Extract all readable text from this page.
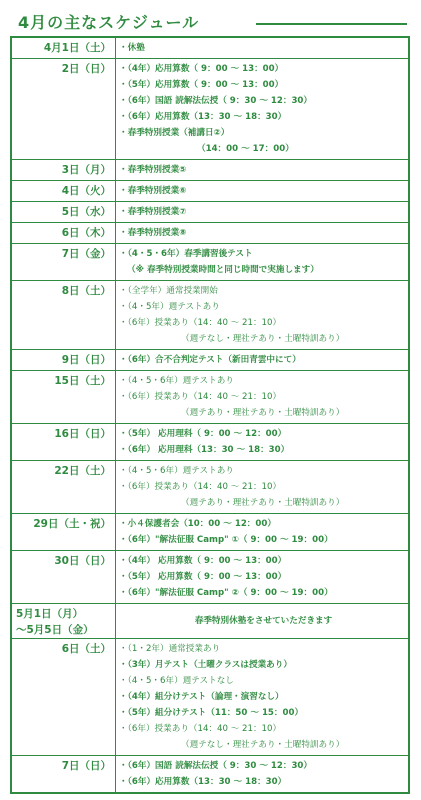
4月の主なスケジュール
4月1日（土） ・休塾
2日（日） ・（4年）応用算数（ 9：00 ～ 13：00）
・（5年）応用算数（ 9：00 ～ 13：00）
・（6年）国語 読解法伝授（ 9：30 ～ 12：30）
・（6年）応用算数（13：30 ～ 18：30）
・春季特別授業（補講日②）
（14：00 ～ 17：00）
3日（月） ・春季特別授業⑤
4日（火） ・春季特別授業⑥
5日（水） ・春季特別授業⑦
6日（木） ・春季特別授業⑧
7日（金） ・（4・5・6年）春季講習後テスト
（※ 春季特別授業時間と同じ時間で実施します）
8日（土） ・（全学年）通常授業開始
・（4・5年）週テストあり
・（6年）授業あり（14：40 ～ 21：10）
（週テなし・理社テあり・土曜特訓あり）
9日（日） ・（6年）合不合判定テスト（新田青雲中にて）
15日（土） ・（4・5・6年）週テストあり
・（6年）授業あり（14：40 ～ 21：10）
（週テあり・理社テあり・土曜特訓あり）
16日（日） ・（5年） 応用理科（ 9：00 ～ 12：00）
・（6年） 応用理科（13：30 ～ 18：30）
22日（土） ・（4・5・6年）週テストあり
・（6年）授業あり（14：40 ～ 21：10）
（週テあり・理社テあり・土曜特訓あり）
29日（土・祝） ・小４保護者会（10：00 ～ 12：00）
・（6年）"解法征服 Camp" ①（ 9：00 ～ 19：00）
30日（日） ・（4年） 応用算数（ 9：00 ～ 13：00）
・（5年） 応用算数（ 9：00 ～ 13：00）
・（6年）"解法征服 Camp" ②（ 9：00 ～ 19：00）
5月1日（月）
～5月5日（金）
春季特別休塾をさせていただきます
6日（土） ・（1・2年）通常授業あり
・（3年）月テスト（土曜クラスは授業あり）
・（4・5・6年）週テストなし
・（4年）組分けテスト（論理・演習なし）
・（5年）組分けテスト（11：50 ～ 15：00）
・（6年）授業あり（14：40 ～ 21：10）
（週テなし・理社テあり・土曜特訓あり）
7日（日） ・（6年）国語 読解法伝授（ 9：30 ～ 12：30）
・（6年）応用算数（13：30 ～ 18：30）
